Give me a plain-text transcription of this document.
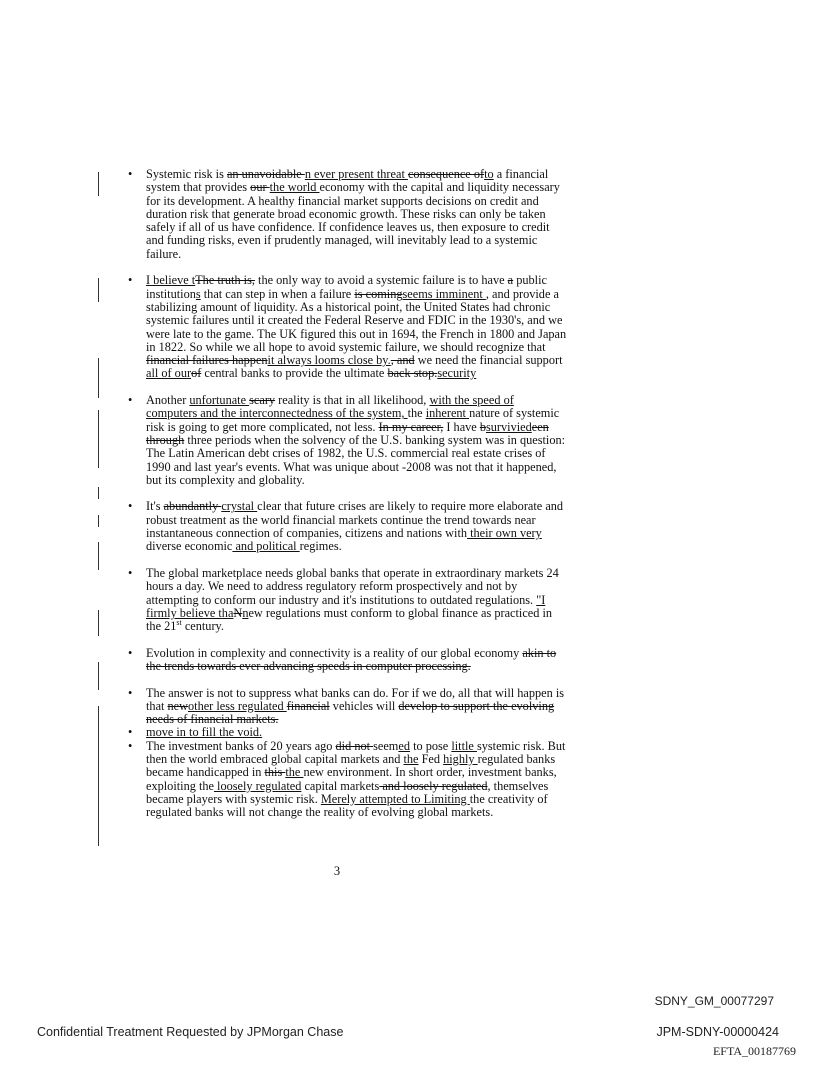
• Systemic risk is an unavoidable n ever present threat consequence ofto a financial system that provides our the world economy with the capital and liquidity necessary for its development. A healthy financial market supports decisions on credit and duration risk that generate broad economic growth. These risks can only be taken safely if all of us have confidence. If confidence leaves us, then exposure to credit and funding risks, even if prudently managed, will inevitably lead to a systemic failure.
• I believe tThe truth is, the only way to avoid a systemic failure is to have a public institutions that can step in when a failure is comingseems imminent , and provide a stabilizing amount of liquidity. As a historical point, the United States had chronic systemic failures until it created the Federal Reserve and FDIC in the 1930's, and we were late to the game. The UK figured this out in 1694, the French in 1800 and Japan in 1822. So while we all hope to avoid systemic failure, we should recognize that financial failures happenit always looms close by., and we need the financial support all of ourof central banks to provide the ultimate back stop.security
• Another unfortunate scary reality is that in all likelihood, with the speed of computers and the interconnectedness of the system, the inherent nature of systemic risk is going to get more complicated, not less. In my career, I have bsurviviedeen through three periods when the solvency of the U.S. banking system was in question: The Latin American debt crises of 1982, the U.S. commercial real estate crises of 1990 and last year's events. What was unique about -2008 was not that it happened, but its complexity and globality.
• It's abundantly crystal clear that future crises are likely to require more elaborate and robust treatment as the world financial markets continue the trend towards near instantaneous connection of companies, citizens and nations with their own very diverse economic and political regimes.
• The global marketplace needs global banks that operate in extraordinary markets 24 hours a day. We need to address regulatory reform prospectively and not by attempting to conform our industry and it's institutions to outdated regulations. "I firmly believe thaNnew regulations must conform to global finance as practiced in the 21st century.
• Evolution in complexity and connectivity is a reality of our global economy akin to the trends towards ever advancing speeds in computer processing.
• The answer is not to suppress what banks can do. For if we do, all that will happen is that newother less regulated financial vehicles will develop to support the evolving needs of financial markets.
• move in to fill the void.
• The investment banks of 20 years ago did not seemed to pose little systemic risk. But then the world embraced global capital markets and the Fed highly regulated banks became handicapped in this the new environment. In short order, investment banks, exploiting the loosely regulated capital markets and loosely regulated, themselves became players with systemic risk. Merely attempted to Limiting the creativity of regulated banks will not change the reality of evolving global markets.
3
SDNY_GM_00077297
Confidential Treatment Requested by JPMorgan Chase	JPM-SDNY-00000424
EFTA_00187769
